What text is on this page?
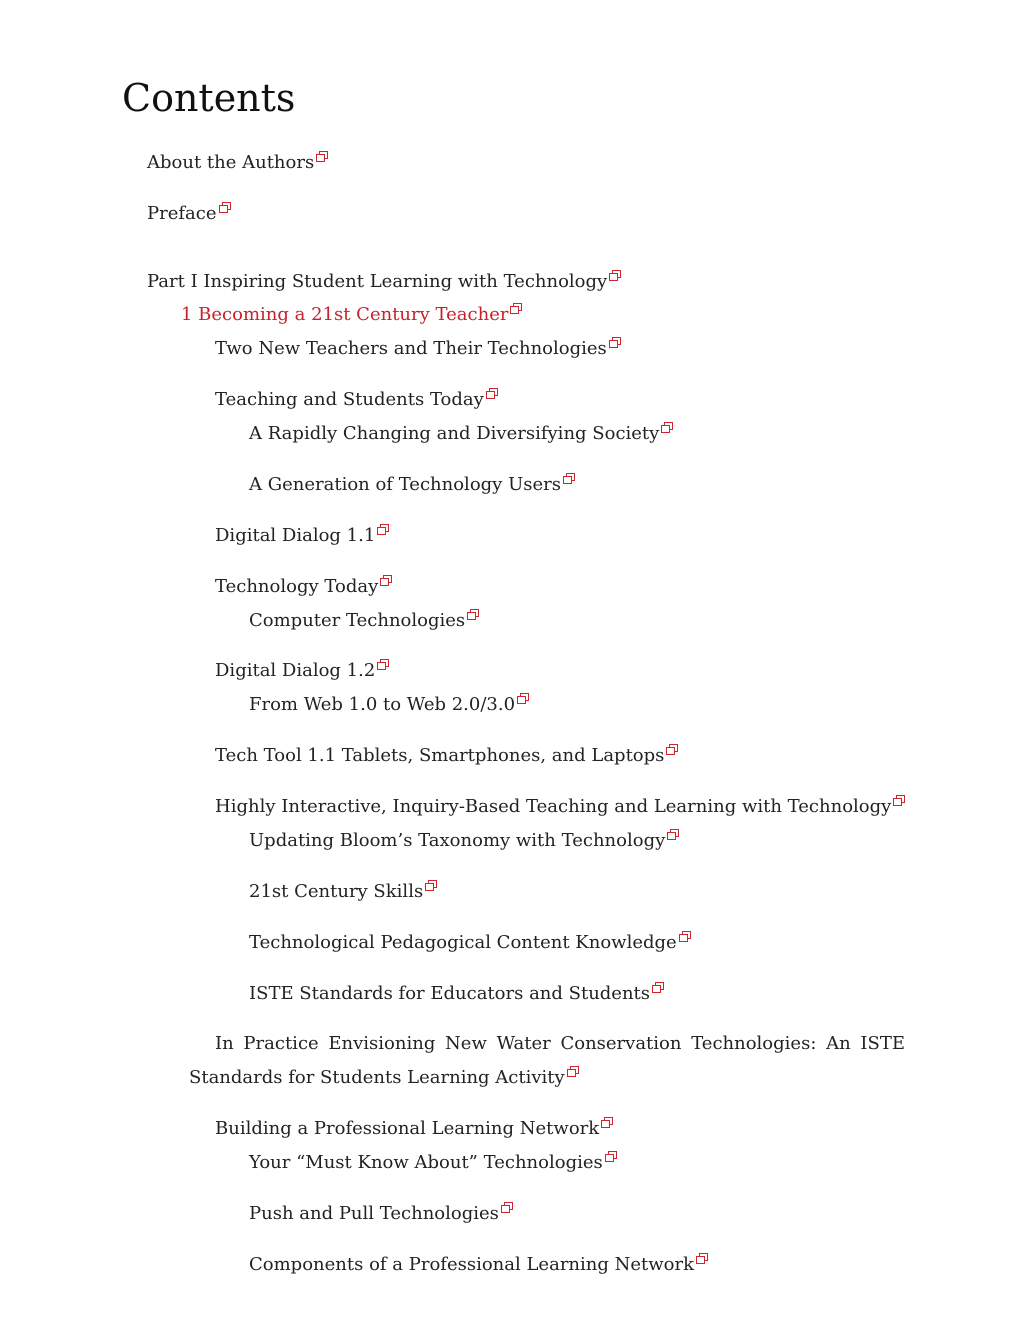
Contents
About the Authors
Preface
Part I Inspiring Student Learning with Technology
1 Becoming a 21st Century Teacher
Two New Teachers and Their Technologies
Teaching and Students Today
A Rapidly Changing and Diversifying Society
A Generation of Technology Users
Digital Dialog 1.1
Technology Today
Computer Technologies
Digital Dialog 1.2
From Web 1.0 to Web 2.0/3.0
Tech Tool 1.1 Tablets, Smartphones, and Laptops
Highly Interactive, Inquiry-Based Teaching and Learning with Technology
Updating Bloom’s Taxonomy with Technology
21st Century Skills
Technological Pedagogical Content Knowledge
ISTE Standards for Educators and Students
In Practice Envisioning New Water Conservation Technologies: An ISTE Standards for Students Learning Activity
Building a Professional Learning Network
Your “Must Know About” Technologies
Push and Pull Technologies
Components of a Professional Learning Network
